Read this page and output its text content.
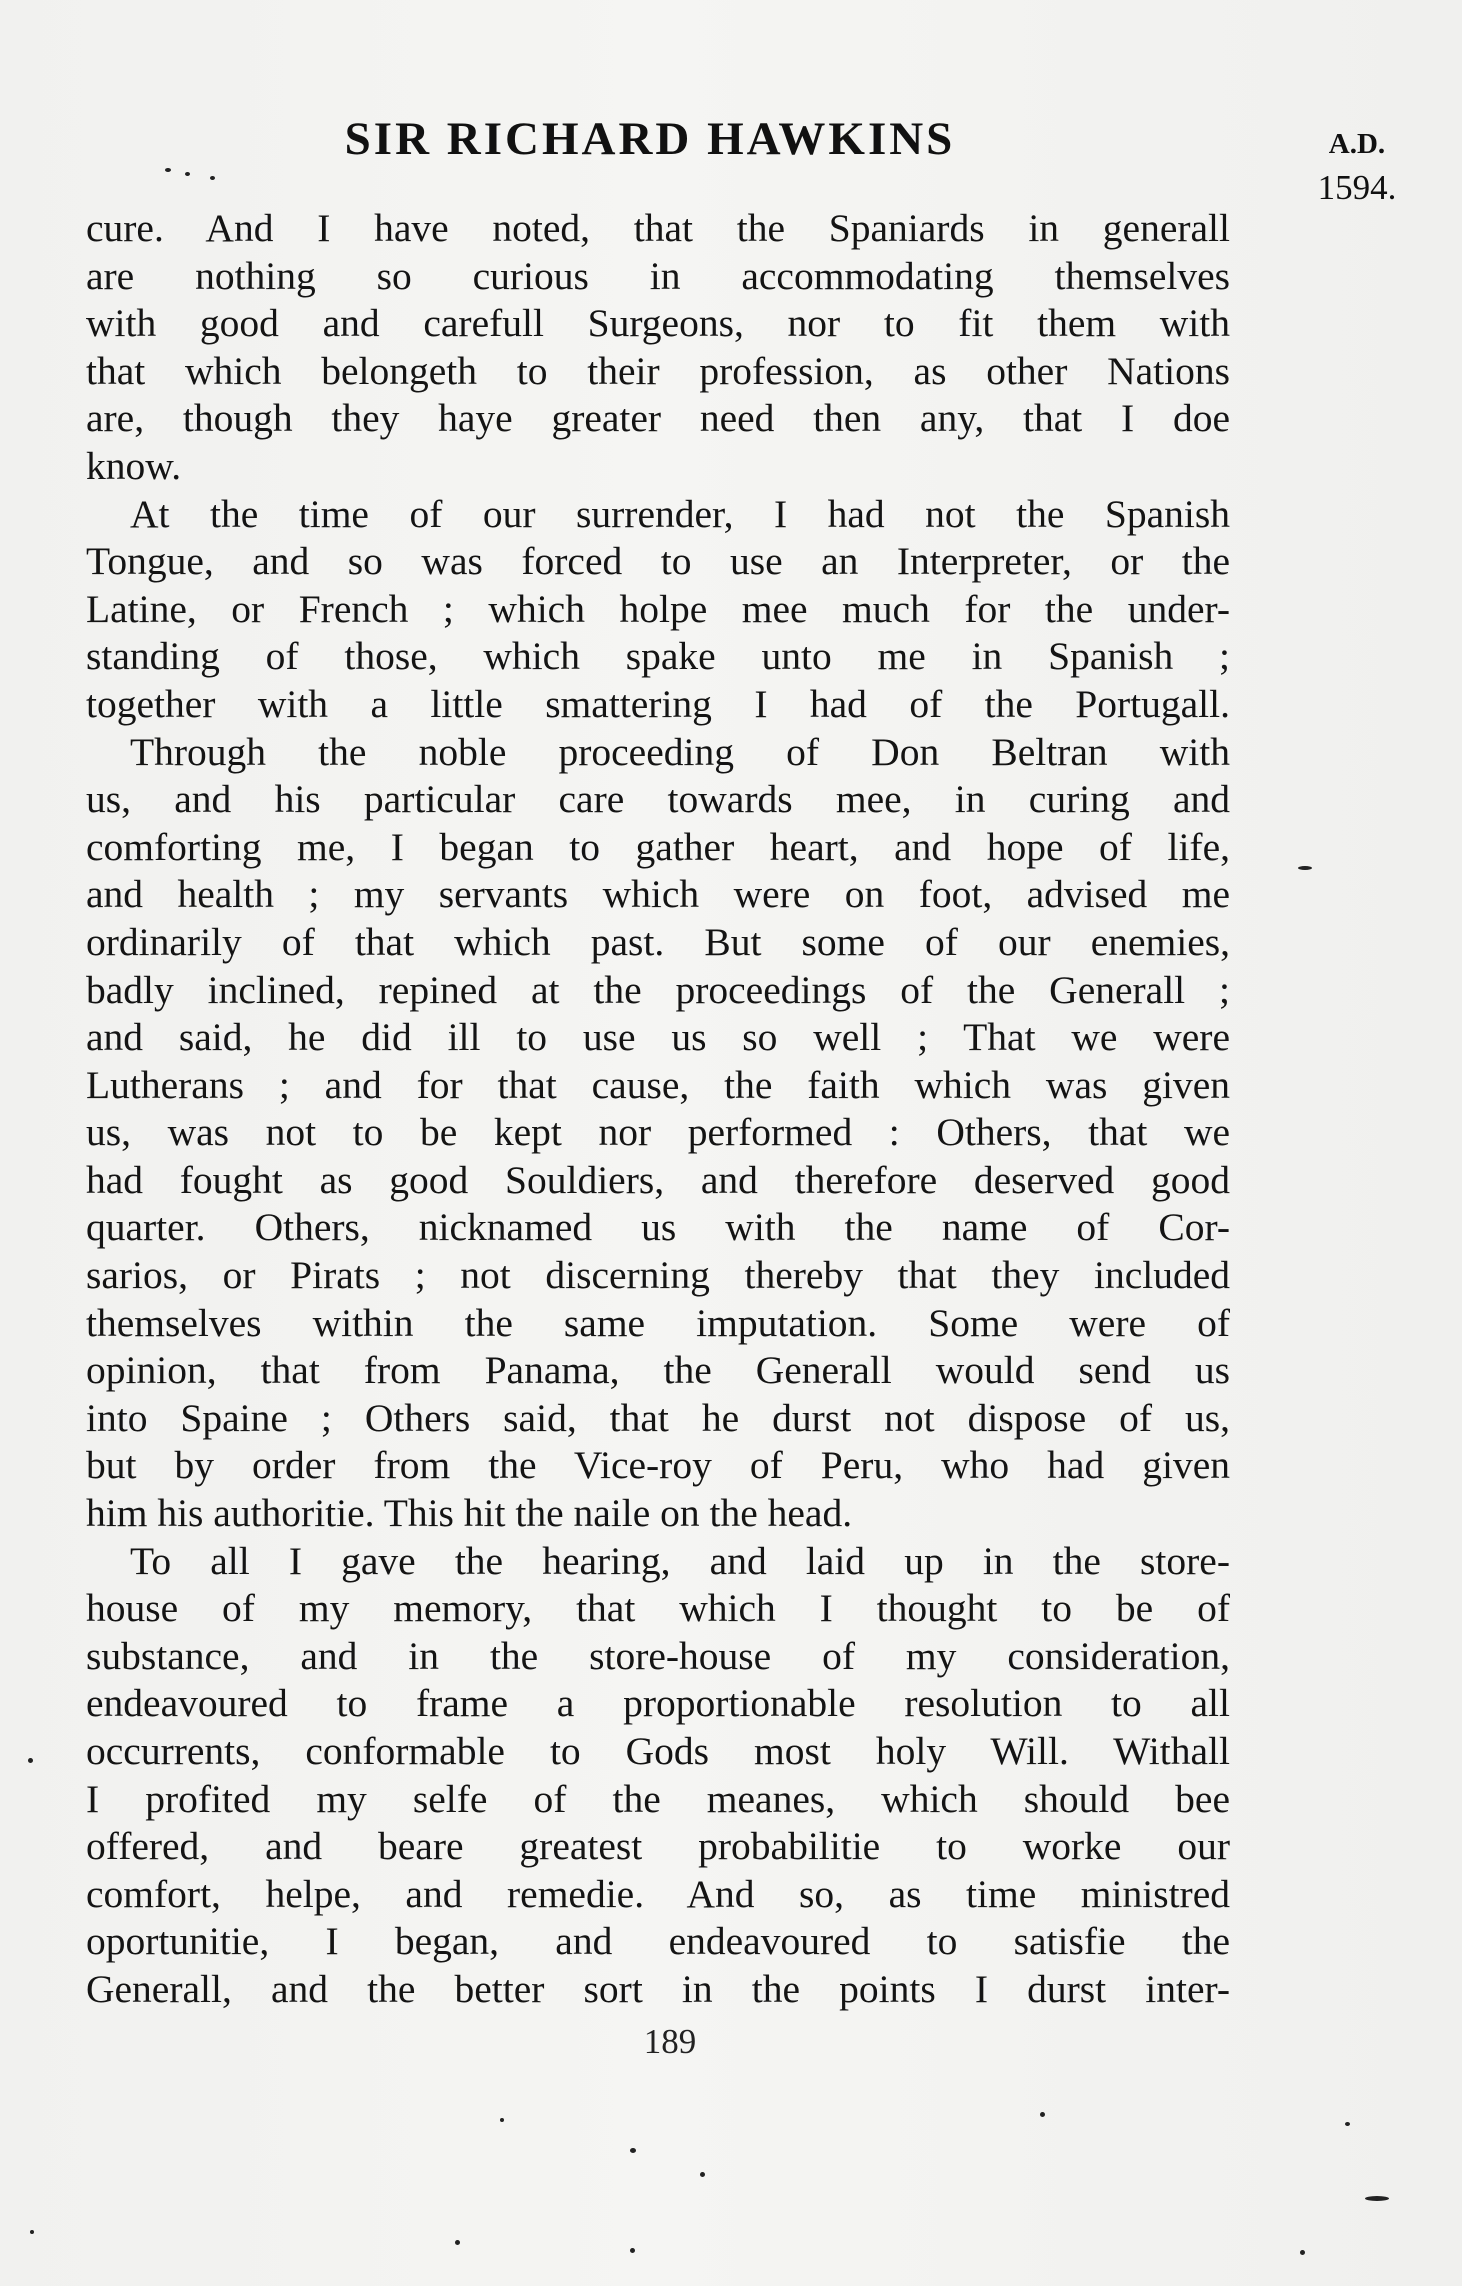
SIR RICHARD HAWKINS	A.D.
1594.
cure. And I have noted, that the Spaniards in generall
are nothing so curious in accommodating themselves
with good and carefull Surgeons, nor to fit them with
that which belongeth to their profession, as other Nations
are, though they haye greater need then any, that I doe
know.
At the time of our surrender, I had not the Spanish
Tongue, and so was forced to use an Interpreter, or the
Latine, or French ; which holpe mee much for the under-
standing of those, which spake unto me in Spanish ;
together with a little smattering I had of the Portugall.
Through the noble proceeding of Don Beltran with
us, and his particular care towards mee, in curing and
comforting me, I began to gather heart, and hope of life,
and health ; my servants which were on foot, advised me
ordinarily of that which past. But some of our enemies,
badly inclined, repined at the proceedings of the Generall ;
and said, he did ill to use us so well ; That we were
Lutherans ; and for that cause, the faith which was given
us, was not to be kept nor performed : Others, that we
had fought as good Souldiers, and therefore deserved good
quarter. Others, nicknamed us with the name of Cor-
sarios, or Pirats ; not discerning thereby that they included
themselves within the same imputation. Some were of
opinion, that from Panama, the Generall would send us
into Spaine ; Others said, that he durst not dispose of us,
but by order from the Vice-roy of Peru, who had given
him his authoritie. This hit the naile on the head.
To all I gave the hearing, and laid up in the store-
house of my memory, that which I thought to be of
substance, and in the store-house of my consideration,
endeavoured to frame a proportionable resolution to all
occurrents, conformable to Gods most holy Will. Withall
I profited my selfe of the meanes, which should bee
offered, and beare greatest probabilitie to worke our
comfort, helpe, and remedie. And so, as time ministred
oportunitie, I began, and endeavoured to satisfie the
Generall, and the better sort in the points I durst inter-
189
